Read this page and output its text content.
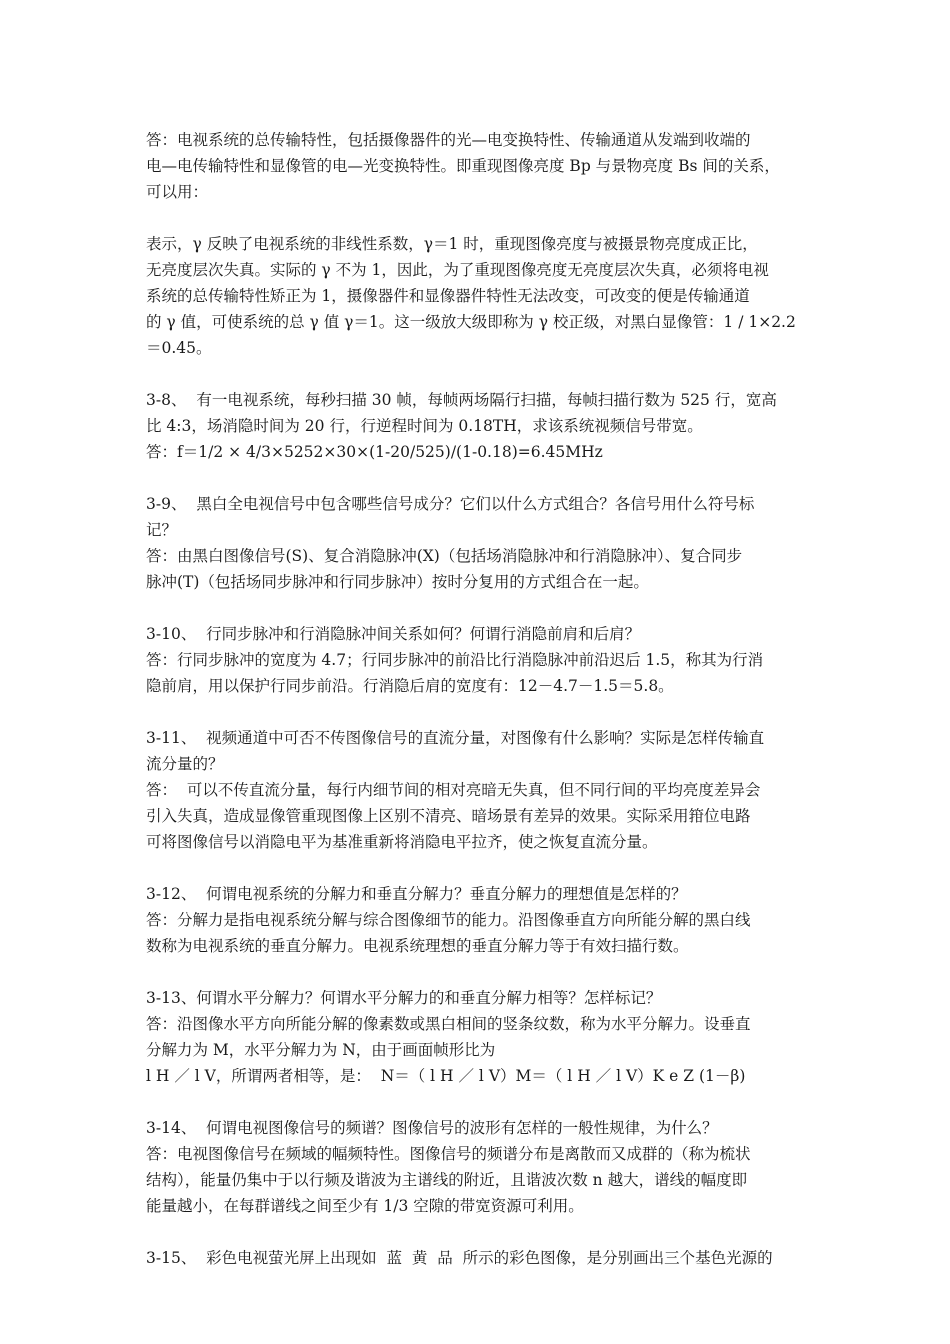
答：电视系统的总传输特性，包括摄像器件的光—电变换特性、传输通道从发端到收端的
电—电传输特性和显像管的电—光变换特性。即重现图像亮度 Bp 与景物亮度 Bs 间的关系，
可以用：
表示，γ 反映了电视系统的非线性系数，γ＝1 时，重现图像亮度与被摄景物亮度成正比，
无亮度层次失真。实际的 γ 不为 1，因此，为了重现图像亮度无亮度层次失真，必须将电视
系统的总传输特性矫正为 1，摄像器件和显像器件特性无法改变，可改变的便是传输通道
的 γ 值，可使系统的总 γ 值 γ＝1。这一级放大级即称为 γ 校正级，对黑白显像管：1 / 1×2.2
＝0.45。
3-8、  有一电视系统，每秒扫描 30 帧，每帧两场隔行扫描，每帧扫描行数为 525 行，宽高
比 4:3，场消隐时间为 20 行，行逆程时间为 0.18TH，求该系统视频信号带宽。
答：f＝1/2 × 4/3×5252×30×(1-20/525)/(1-0.18)=6.45MHz
3-9、  黑白全电视信号中包含哪些信号成分？它们以什么方式组合？各信号用什么符号标
记？
答：由黑白图像信号(S)、复合消隐脉冲(X)（包括场消隐脉冲和行消隐脉冲）、复合同步
脉冲(T)（包括场同步脉冲和行同步脉冲）按时分复用的方式组合在一起。
3-10、  行同步脉冲和行消隐脉冲间关系如何？何谓行消隐前肩和后肩？
答：行同步脉冲的宽度为 4.7；行同步脉冲的前沿比行消隐脉冲前沿迟后 1.5，称其为行消
隐前肩，用以保护行同步前沿。行消隐后肩的宽度有：12－4.7－1.5＝5.8。
3-11、  视频通道中可否不传图像信号的直流分量，对图像有什么影响？实际是怎样传输直
流分量的？
答：  可以不传直流分量，每行内细节间的相对亮暗无失真，但不同行间的平均亮度差异会
引入失真，造成显像管重现图像上区别不清亮、暗场景有差异的效果。实际采用箝位电路
可将图像信号以消隐电平为基准重新将消隐电平拉齐，使之恢复直流分量。
3-12、  何谓电视系统的分解力和垂直分解力？垂直分解力的理想值是怎样的？
答：分解力是指电视系统分解与综合图像细节的能力。沿图像垂直方向所能分解的黑白线
数称为电视系统的垂直分解力。电视系统理想的垂直分解力等于有效扫描行数。
3-13、何谓水平分解力？何谓水平分解力的和垂直分解力相等？怎样标记？
答：沿图像水平方向所能分解的像素数或黑白相间的竖条纹数，称为水平分解力。设垂直
分解力为 M，水平分解力为 N，由于画面帧形比为
l H ／ l V，所谓两者相等，是：  N＝（ l H ／ l V）M＝（ l H ／ l V）K e Z (1－β)
3-14、  何谓电视图像信号的频谱？图像信号的波形有怎样的一般性规律，为什么？
答：电视图像信号在频域的幅频特性。图像信号的频谱分布是离散而又成群的（称为梳状
结构），能量仍集中于以行频及谐波为主谱线的附近，且谐波次数 n 越大，谱线的幅度即
能量越小，在每群谱线之间至少有 1/3 空隙的带宽资源可利用。
3-15、  彩色电视萤光屏上出现如  蓝  黄  品  所示的彩色图像，是分别画出三个基色光源的
